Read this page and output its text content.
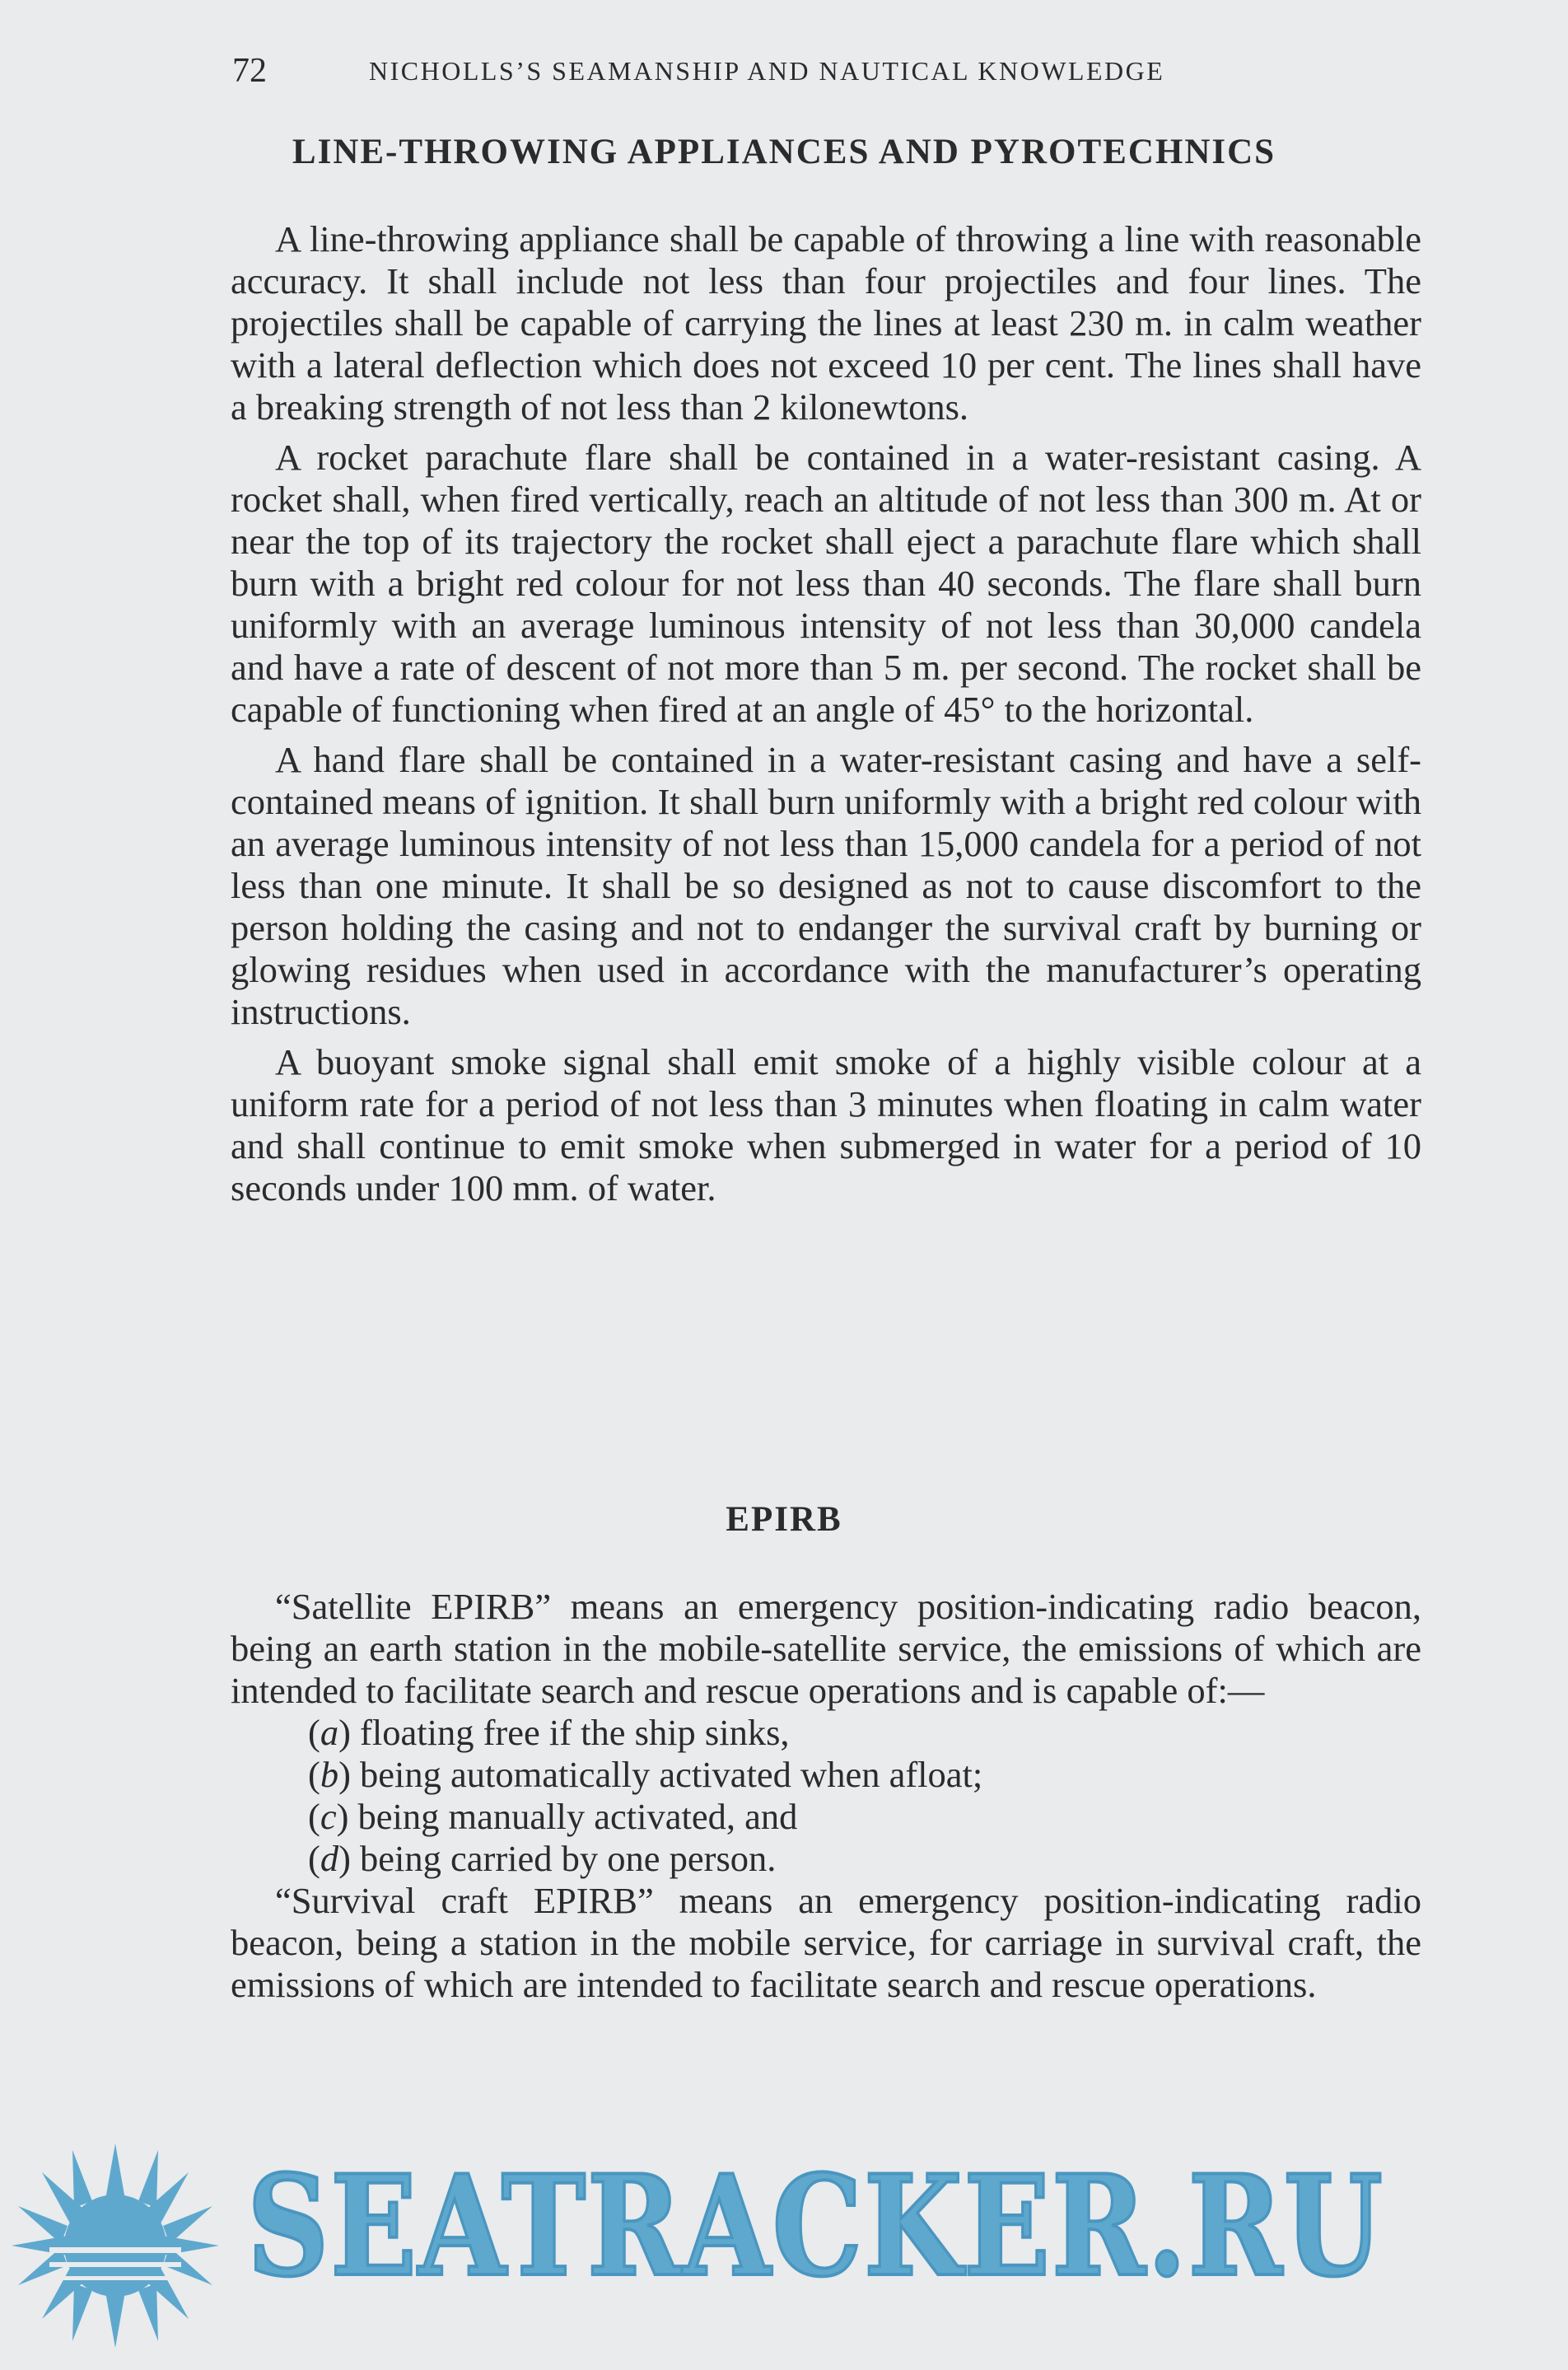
72	NICHOLLS’S SEAMANSHIP AND NAUTICAL KNOWLEDGE
LINE-THROWING APPLIANCES AND PYROTECHNICS

A line-throwing appliance shall be capable of throwing a line with reasonable accuracy. It shall include not less than four projectiles and four lines. The projectiles shall be capable of carrying the lines at least 230 m. in calm weather with a lateral deflection which does not exceed 10 per cent. The lines shall have a breaking strength of not less than 2 kilonewtons.

A rocket parachute flare shall be contained in a water-resistant casing. A rocket shall, when fired vertically, reach an altitude of not less than 300 m. At or near the top of its trajectory the rocket shall eject a parachute flare which shall burn with a bright red colour for not less than 40 seconds. The flare shall burn uniformly with an average luminous intensity of not less than 30,000 candela and have a rate of descent of not more than 5 m. per second. The rocket shall be capable of functioning when fired at an angle of 45° to the horizontal.

A hand flare shall be contained in a water-resistant casing and have a self-contained means of ignition. It shall burn uniformly with a bright red colour with an average luminous intensity of not less than 15,000 candela for a period of not less than one minute. It shall be so designed as not to cause discomfort to the person holding the casing and not to endanger the survival craft by burning or glowing residues when used in accordance with the manufacturer’s operating instructions.

A buoyant smoke signal shall emit smoke of a highly visible colour at a uniform rate for a period of not less than 3 minutes when floating in calm water and shall continue to emit smoke when submerged in water for a period of 10 seconds under 100 mm. of water.

EPIRB

“Satellite EPIRB” means an emergency position-indicating radio beacon, being an earth station in the mobile-satellite service, the emissions of which are intended to facilitate search and rescue operations and is capable of:—

(a) floating free if the ship sinks,
(b) being automatically activated when afloat;
(c) being manually activated, and
(d) being carried by one person.

“Survival craft EPIRB” means an emergency position-indicating radio beacon, being a station in the mobile service, for carriage in survival craft, the emissions of which are intended to facilitate search and rescue operations.

SEATRACKER.RU
